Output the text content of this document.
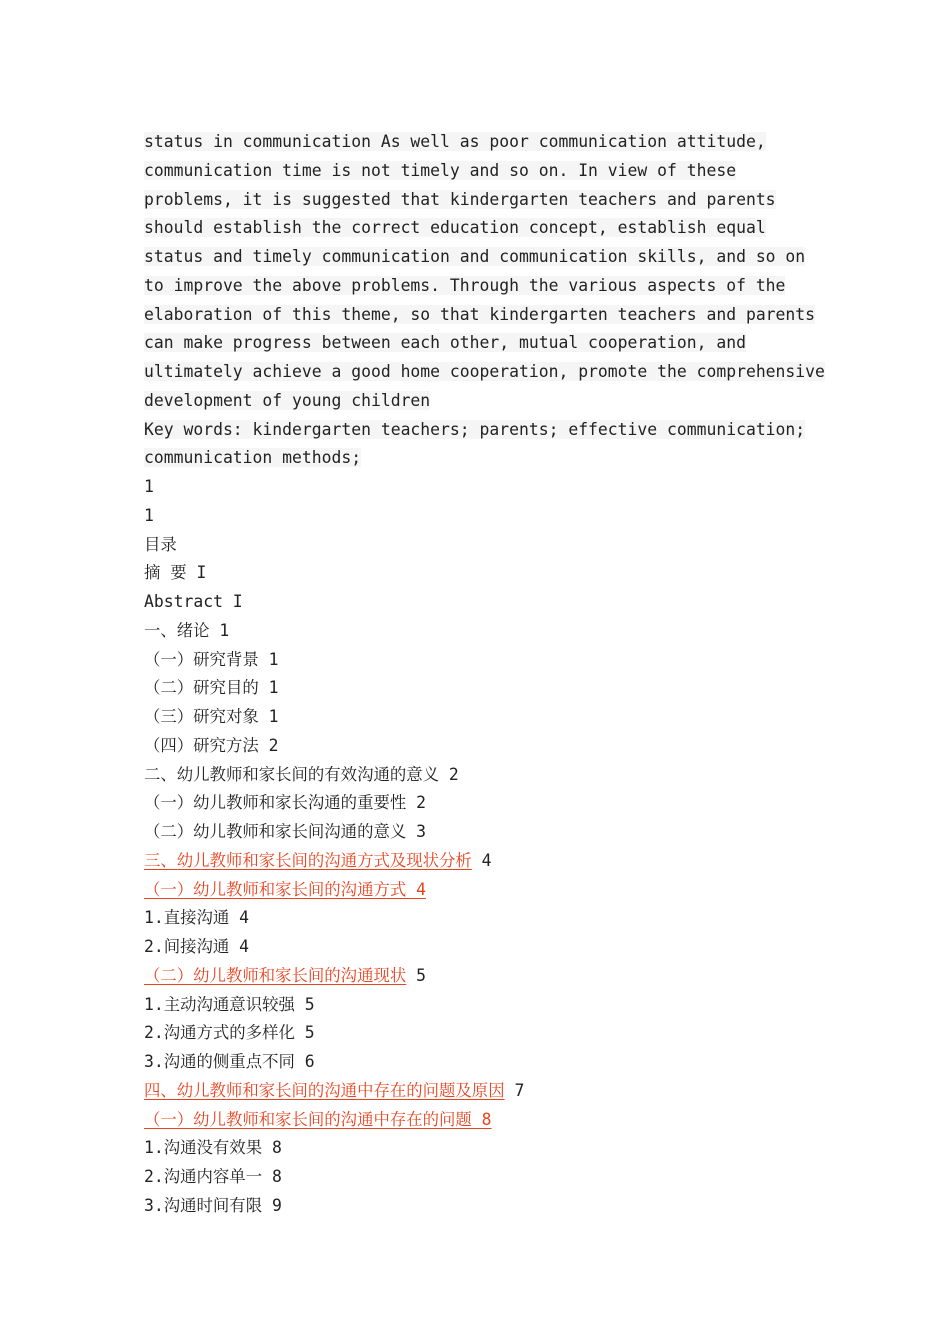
status in communication As well as poor communication attitude,
communication time is not timely and so on. In view of these
problems, it is suggested that kindergarten teachers and parents
should establish the correct education concept, establish equal
status and timely communication and communication skills, and so on
to improve the above problems. Through the various aspects of the
elaboration of this theme, so that kindergarten teachers and parents
can make progress between each other, mutual cooperation, and
ultimately achieve a good home cooperation, promote the comprehensive
development of young children
Key words: kindergarten teachers; parents; effective communication;
communication methods;
1
1
目录
摘 要 I
Abstract I
一、绪论 1
（一）研究背景 1
（二）研究目的 1
（三）研究对象 1
（四）研究方法 2
二、幼儿教师和家长间的有效沟通的意义 2
（一）幼儿教师和家长沟通的重要性 2
（二）幼儿教师和家长间沟通的意义 3
三、幼儿教师和家长间的沟通方式及现状分析 4
（一）幼儿教师和家长间的沟通方式 4
1.直接沟通 4
2.间接沟通 4
（二）幼儿教师和家长间的沟通现状 5
1.主动沟通意识较强 5
2.沟通方式的多样化 5
3.沟通的侧重点不同 6
四、幼儿教师和家长间的沟通中存在的问题及原因 7
（一）幼儿教师和家长间的沟通中存在的问题 8
1.沟通没有效果 8
2.沟通内容单一 8
3.沟通时间有限 9
